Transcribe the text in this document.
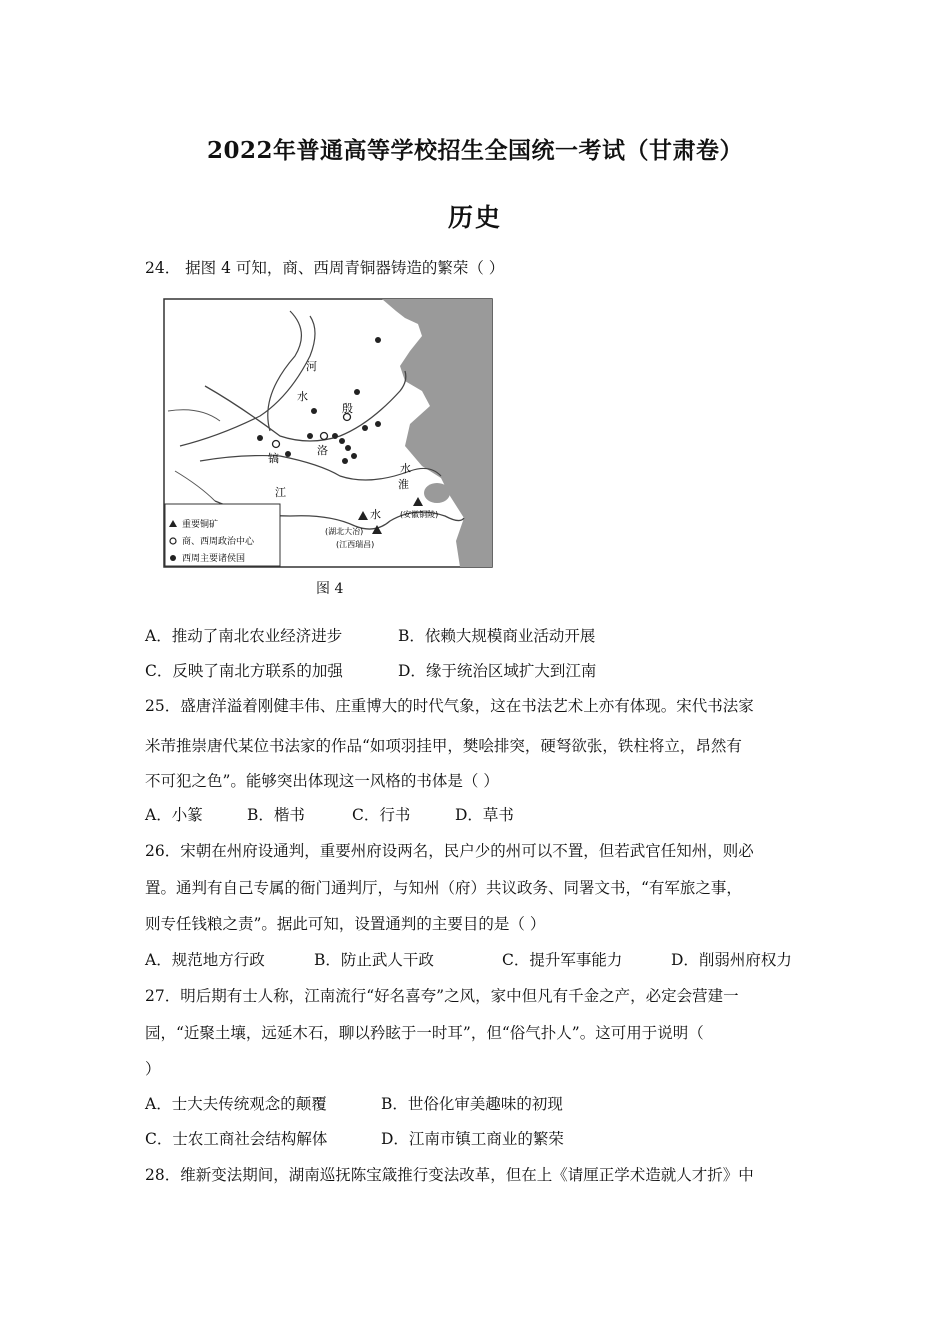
2022年普通高等学校招生全国统一考试（甘肃卷）
历史
24． 据图 4 可知，商、西周青铜器铸造的繁荣（ ）
河
水
殷
洛
镐
水
淮
江
水
(湖北大冶)
(江西瑞昌)
(安徽铜陵)
重要铜矿
商、西周政治中心
西周主要诸侯国
图 4
A．推动了南北农业经济进步	B．依赖大规模商业活动开展
C．反映了南北方联系的加强	D．缘于统治区域扩大到江南
25．盛唐洋溢着刚健丰伟、庄重博大的时代气象，这在书法艺术上亦有体现。宋代书法家
米芾推崇唐代某位书法家的作品“如项羽挂甲，樊哙排突，硬弩欲张，铁柱将立，昂然有
不可犯之色”。能够突出体现这一风格的书体是（ ）
A．小篆	B．楷书	C．行书	D．草书
26．宋朝在州府设通判，重要州府设两名，民户少的州可以不置，但若武官任知州，则必
置。通判有自己专属的衙门通判厅，与知州（府）共议政务、同署文书，“有军旅之事，
则专任钱粮之责”。据此可知，设置通判的主要目的是（ ）
A．规范地方行政	B．防止武人干政	C．提升军事能力	D．削弱州府权力
27．明后期有士人称，江南流行“好名喜夸”之风，家中但凡有千金之产，必定会营建一
园，“近聚土壤，远延木石，聊以矜眩于一时耳”，但“俗气扑人”。这可用于说明（
）
A．士大夫传统观念的颠覆	B．世俗化审美趣味的初现
C．士农工商社会结构解体	D．江南市镇工商业的繁荣
28．维新变法期间，湖南巡抚陈宝箴推行变法改革，但在上《请厘正学术造就人才折》中
